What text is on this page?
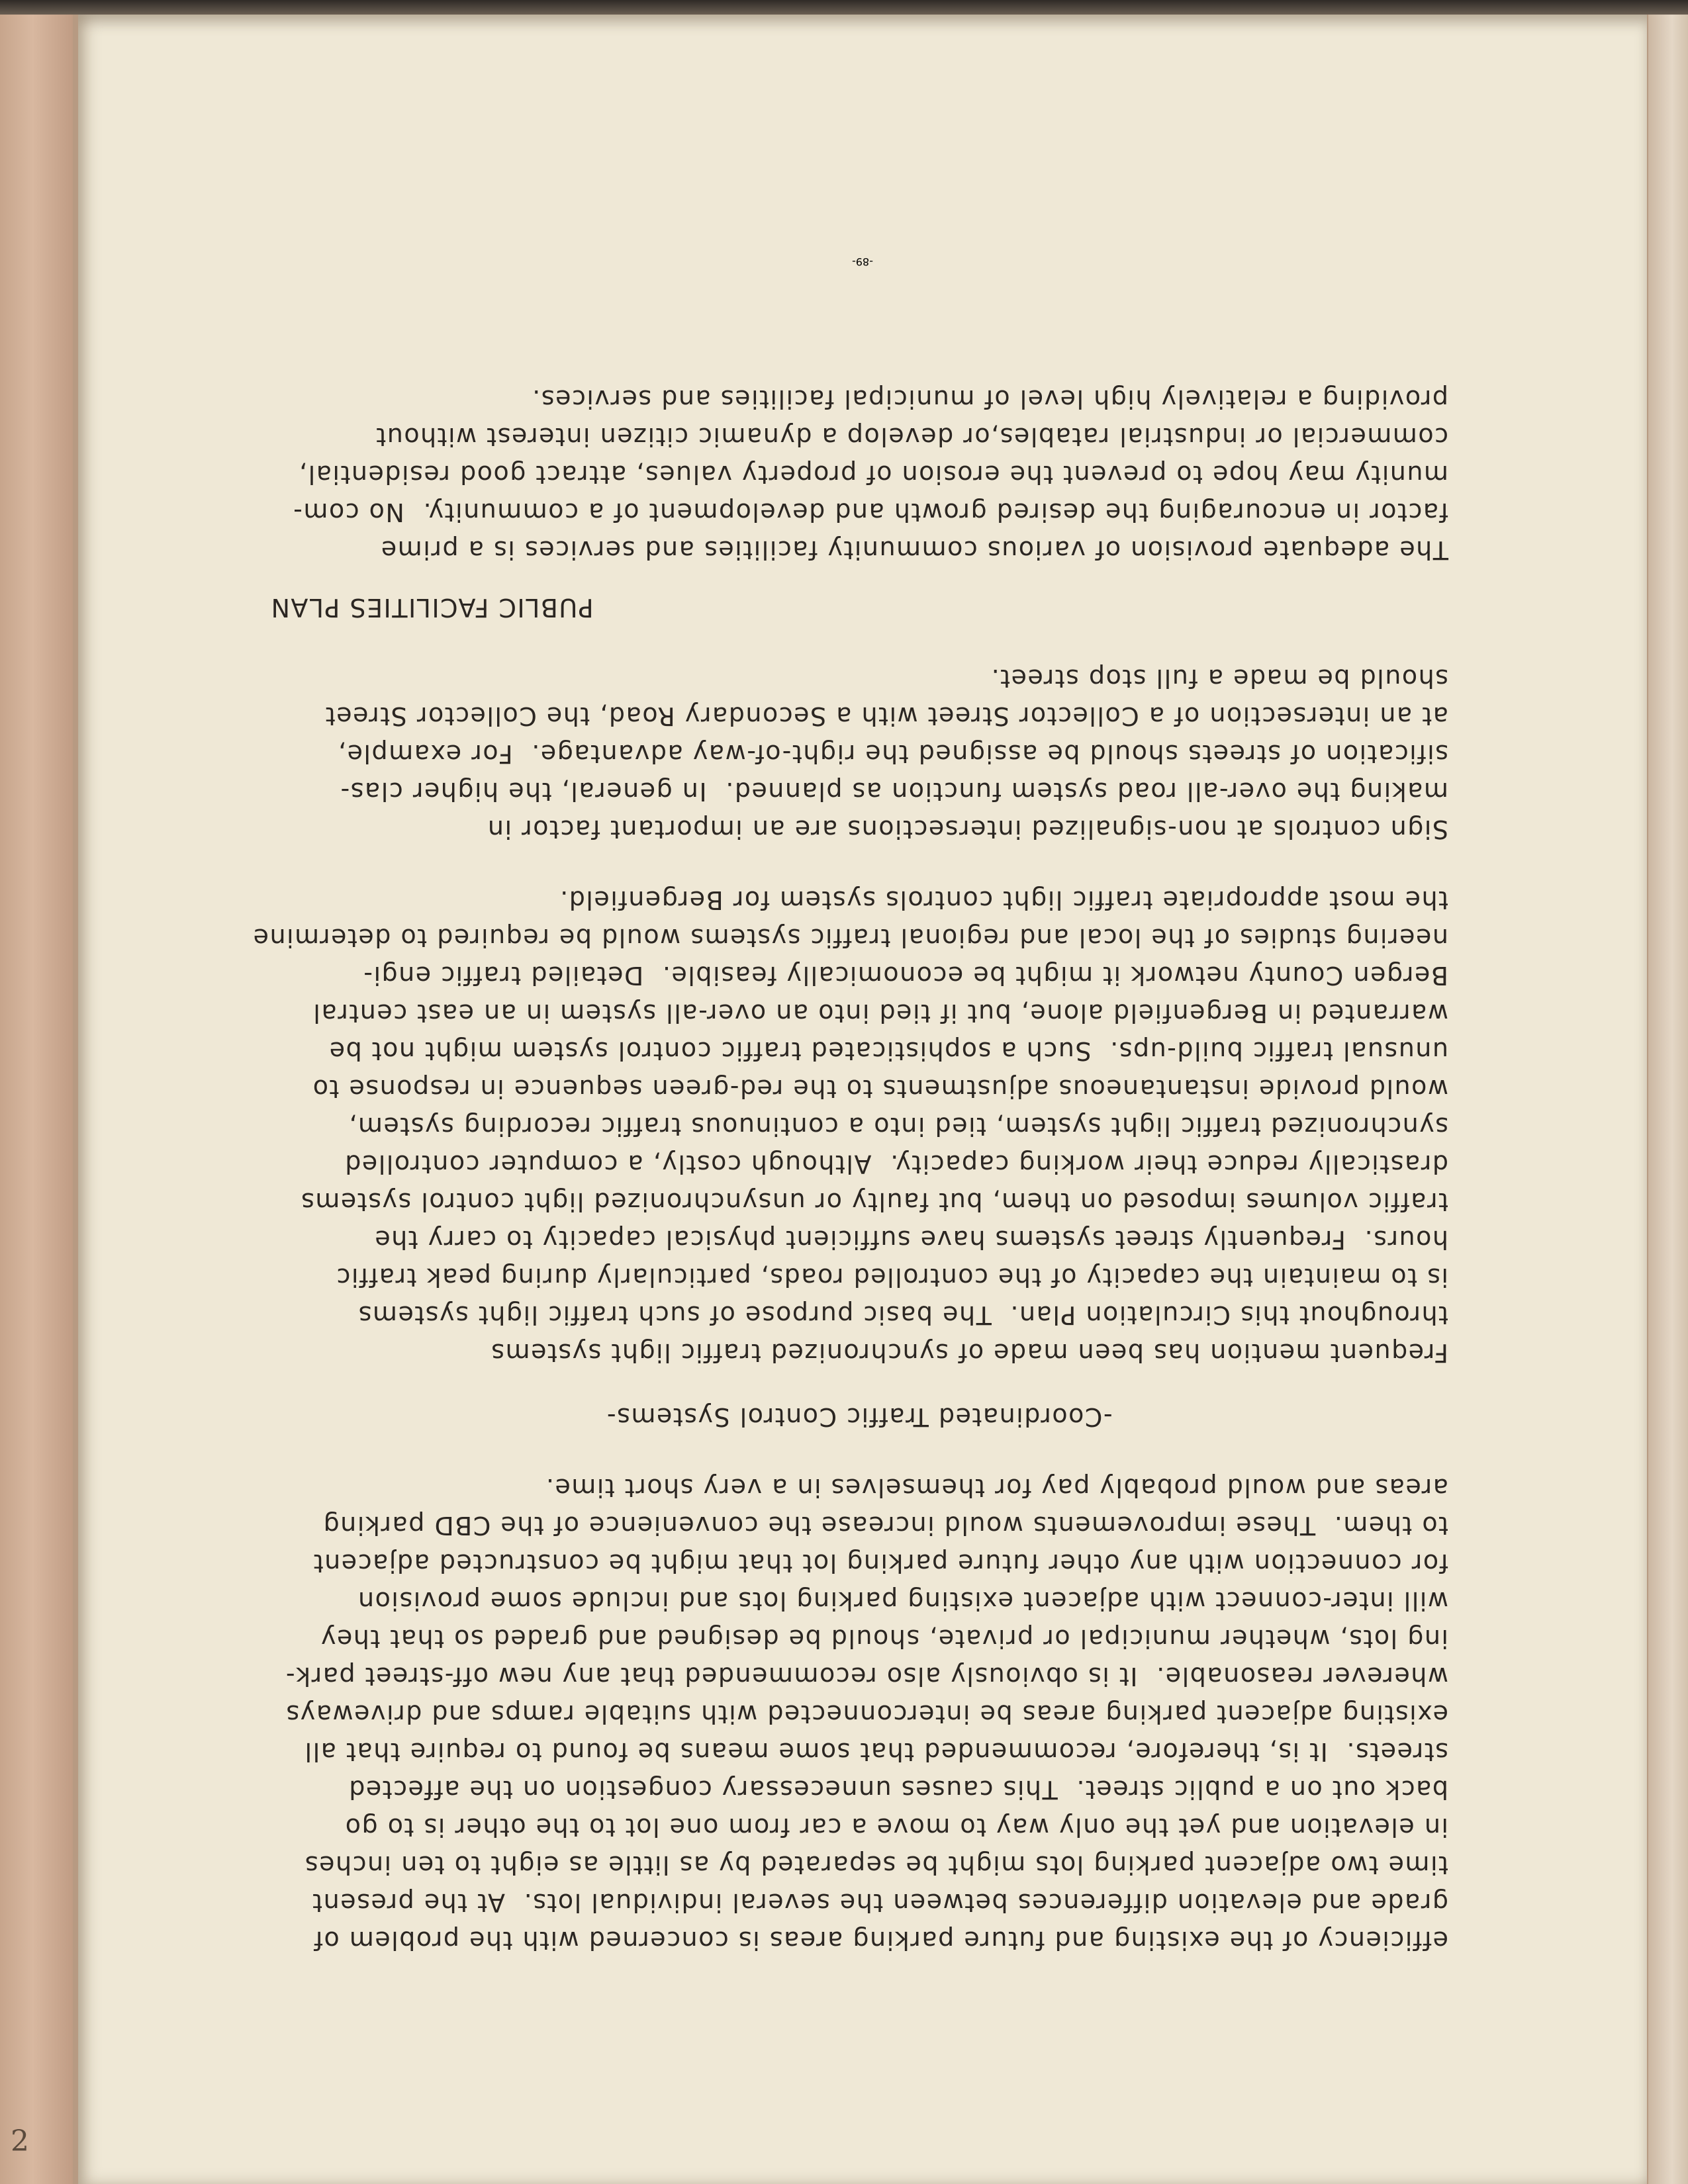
efficiency of the existing and future parking areas is concerned with the problem of
grade and elevation differences between the several individual lots.  At the present
time two adjacent parking lots might be separated by as little as eight to ten inches
in elevation and yet the only way to move a car from one lot to the other is to go
back out on a public street.  This causes unnecessary congestion on the affected
streets.  It is, therefore, recommended that some means be found to require that all
existing adjacent parking areas be interconnected with suitable ramps and driveways
wherever reasonable.  It is obviously also recommended that any new off-street park-
ing lots, whether municipal or private, should be designed and graded so that they
will inter-connect with adjacent existing parking lots and include some provision
for connection with any other future parking lot that might be constructed adjacent
to them.  These improvements would increase the convenience of the CBD parking
areas and would probably pay for themselves in a very short time.
-Coordinated Traffic Control Systems-
Frequent mention has been made of synchronized traffic light systems
throughout this Circulation Plan.  The basic purpose of such traffic light systems
is to maintain the capacity of the controlled roads, particularly during peak traffic
hours.  Frequently street systems have sufficient physical capacity to carry the
traffic volumes imposed on them, but faulty or unsynchronized light control systems
drastically reduce their working capacity.  Although costly, a computer controlled
synchronized traffic light system, tied into a continuous traffic recording system,
would provide instantaneous adjustments to the red-green sequence in response to
unusual traffic build-ups.  Such a sophisticated traffic control system might not be
warranted in Bergenfield alone, but if tied into an over-all system in an east central
Bergen County network it might be economically feasible.  Detailed traffic engi-
neering studies of the local and regional traffic systems would be required to determine
the most appropriate traffic light controls system for Bergenfield.
Sign controls at non-signalized intersections are an important factor in
making the over-all road system function as planned.  In general, the higher clas-
sification of streets should be assigned the right-of-way advantage.  For example,
at an intersection of a Collector Street with a Secondary Road, the Collector Street
should be made a full stop street.
PUBLIC FACILITIES PLAN
The adequate provision of various community facilities and services is a prime
factor in encouraging the desired growth and development of a community.  No com-
munity may hope to prevent the erosion of property values, attract good residential,
commercial or industrial ratables,or develop a dynamic citizen interest without
providing a relatively high level of municipal facilities and services.
-89-
2
